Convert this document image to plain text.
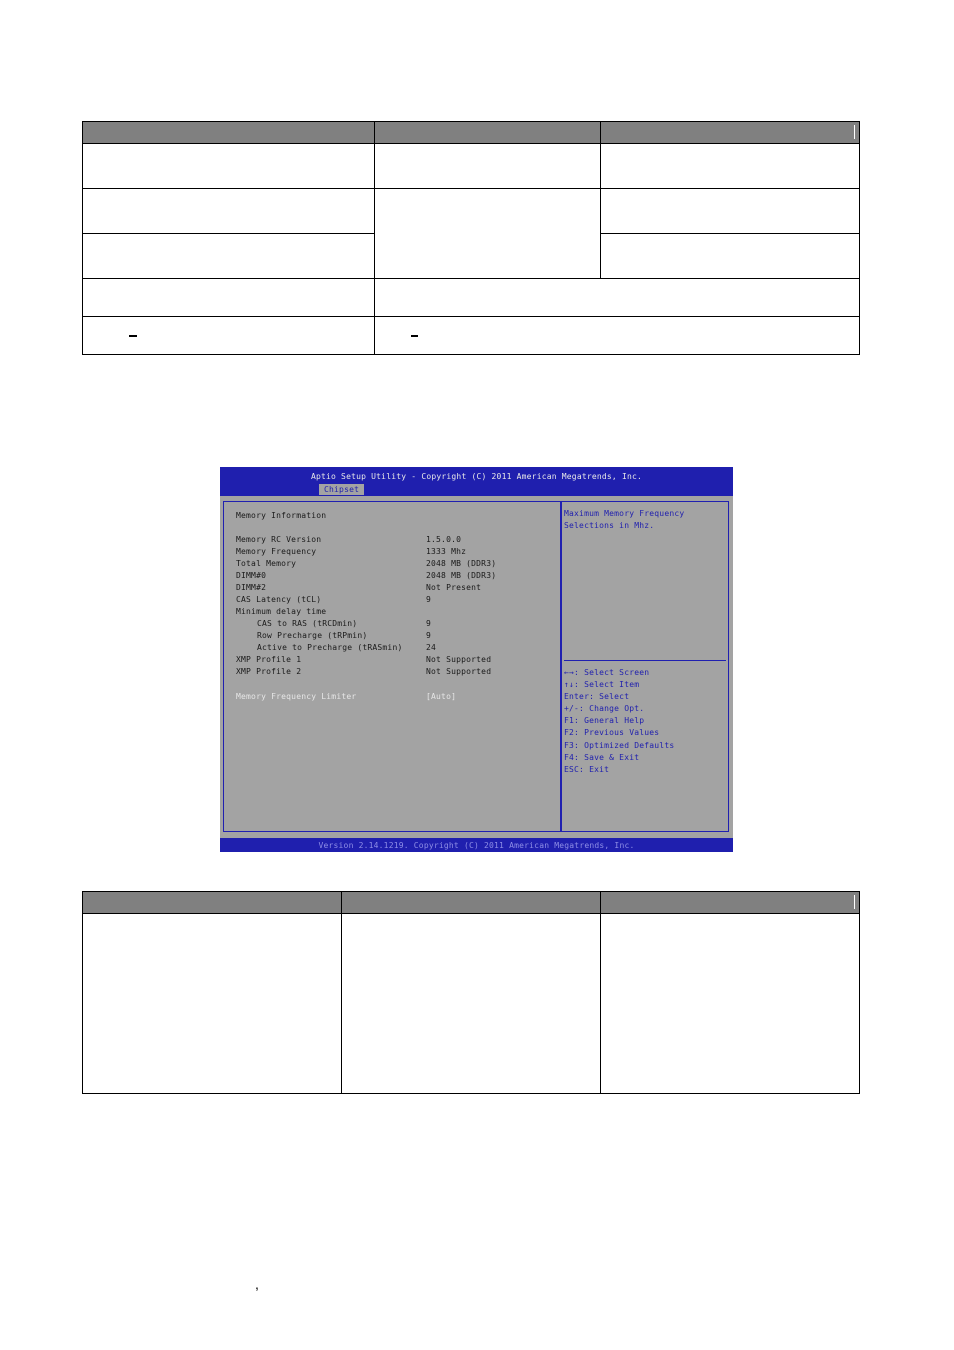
Aptio Setup Utility - Copyright (C) 2011 American Megatrends, Inc.
Chipset
Memory Information
Memory RC Version	1.5.0.0
Memory Frequency	1333 Mhz
Total Memory	2048 MB (DDR3)
DIMM#0	2048 MB (DDR3)
DIMM#2	Not Present
CAS Latency (tCL)	9
Minimum delay time
CAS to RAS (tRCDmin)	9
Row Precharge (tRPmin)	9
Active to Precharge (tRASmin)	24
XMP Profile 1	Not Supported
XMP Profile 2	Not Supported
Memory Frequency Limiter	[Auto]
Maximum Memory Frequency
Selections in Mhz.
←→: Select Screen
↑↓: Select Item
Enter: Select
+/-: Change Opt.
F1: General Help
F2: Previous Values
F3: Optimized Defaults
F4: Save & Exit
ESC: Exit
Version 2.14.1219. Copyright (C) 2011 American Megatrends, Inc.

,
